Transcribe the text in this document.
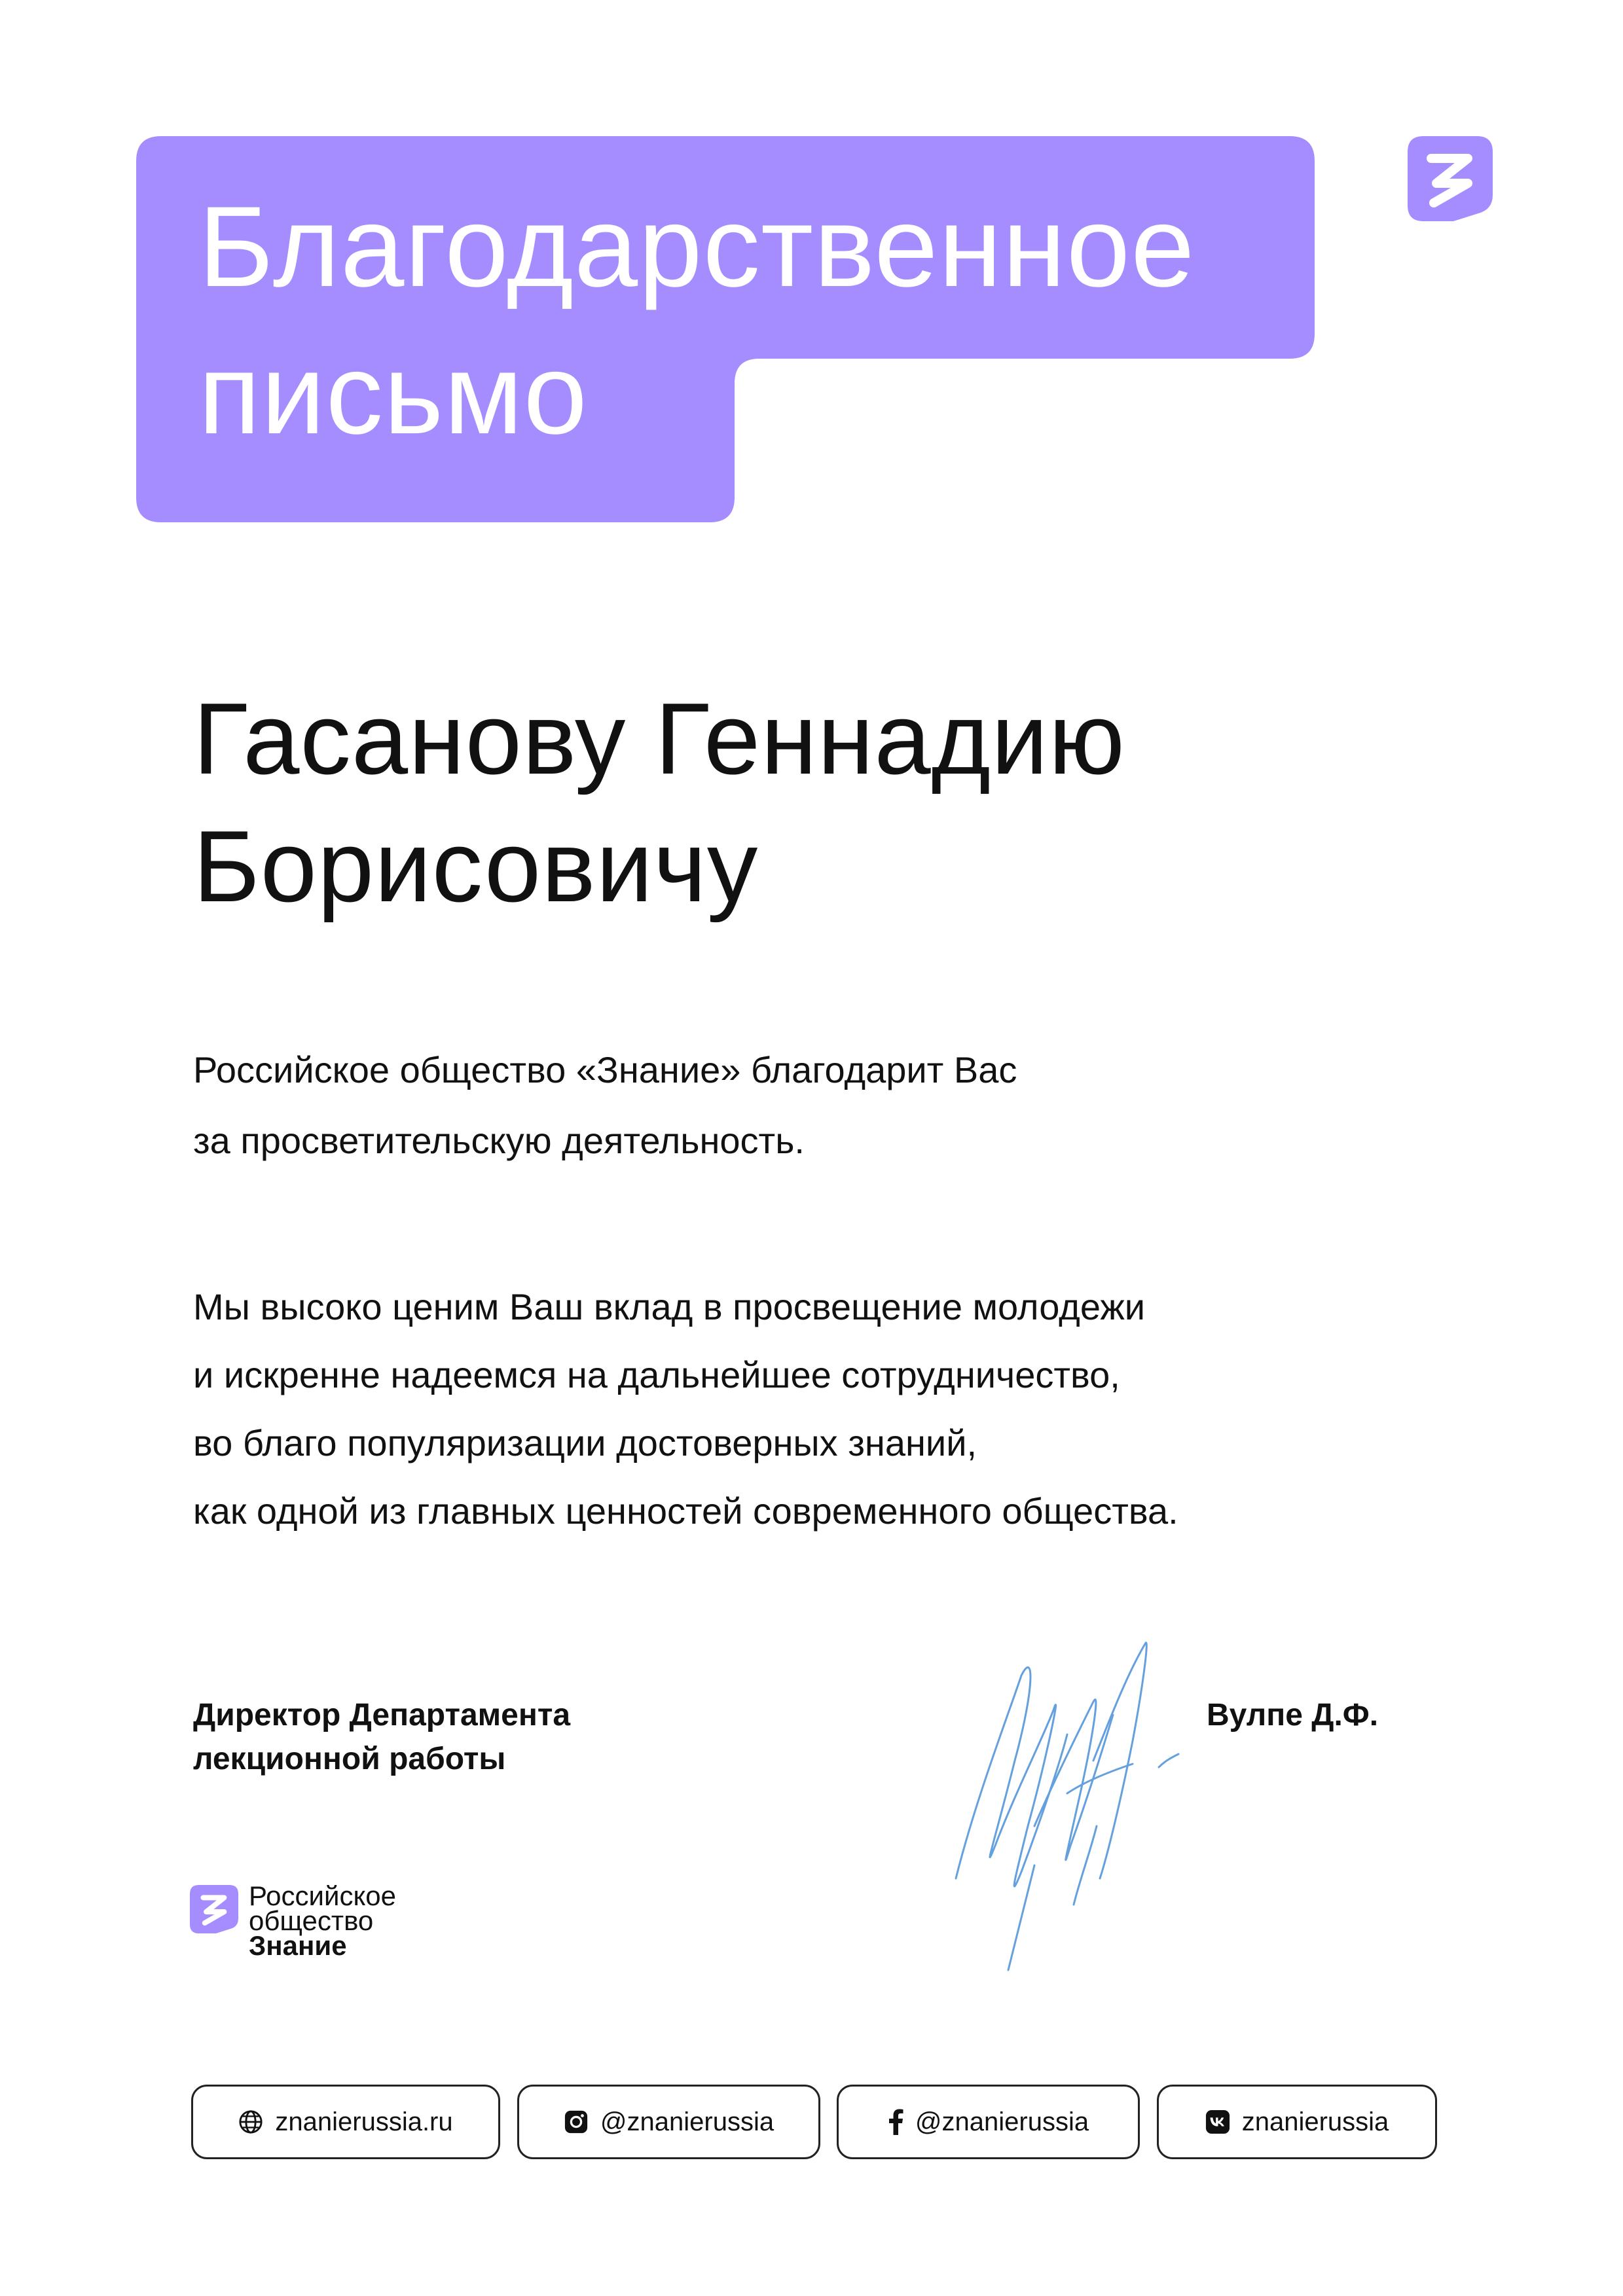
Благодарственное
письмо
Гасанову Геннадию
Борисовичу
Российское общество «Знание» благодарит Вас
за просветительскую деятельность.
Мы высоко ценим Ваш вклад в просвещение молодежи
и искренне надеемся на дальнейшее сотрудничество,
во благо популяризации достоверных знаний,
как одной из главных ценностей современного общества.
Директор Департамента
лекционной работы
Вулпе Д.Ф.
Российское
общество
Знание
znanierussia.ru	@znanierussia	@znanierussia	znanierussia
